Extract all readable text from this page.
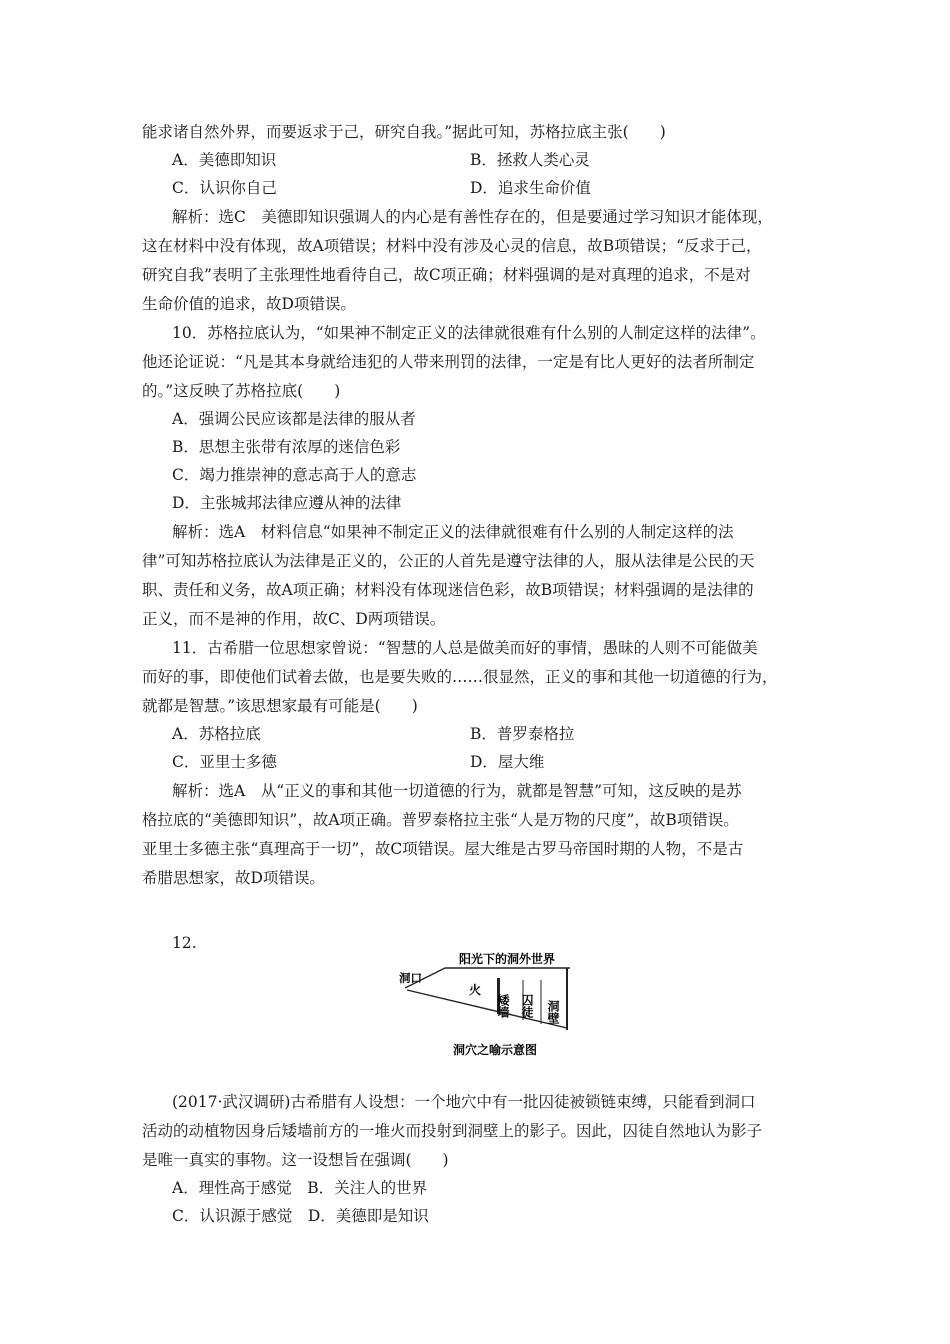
能求诸自然外界，而要返求于己，研究自我。”据此可知，苏格拉底主张(　　)
A．美德即知识	B．拯救人类心灵
C．认识你自己	D．追求生命价值
解析：选C　美德即知识强调人的内心是有善性存在的，但是要通过学习知识才能体现，
这在材料中没有体现，故A项错误；材料中没有涉及心灵的信息，故B项错误；“反求于己，
研究自我”表明了主张理性地看待自己，故C项正确；材料强调的是对真理的追求，不是对
生命价值的追求，故D项错误。
10．苏格拉底认为，“如果神不制定正义的法律就很难有什么别的人制定这样的法律”。
他还论证说：“凡是其本身就给违犯的人带来刑罚的法律，一定是有比人更好的法者所制定
的。”这反映了苏格拉底(　　)
A．强调公民应该都是法律的服从者
B．思想主张带有浓厚的迷信色彩
C．竭力推崇神的意志高于人的意志
D．主张城邦法律应遵从神的法律
解析：选A　材料信息“如果神不制定正义的法律就很难有什么别的人制定这样的法
律”可知苏格拉底认为法律是正义的，公正的人首先是遵守法律的人，服从法律是公民的天
职、责任和义务，故A项正确；材料没有体现迷信色彩，故B项错误；材料强调的是法律的
正义，而不是神的作用，故C、D两项错误。
11．古希腊一位思想家曾说：“智慧的人总是做美而好的事情，愚昧的人则不可能做美
而好的事，即使他们试着去做，也是要失败的……很显然，正义的事和其他一切道德的行为，
就都是智慧。”该思想家最有可能是(　　)
A．苏格拉底	B．普罗泰格拉
C．亚里士多德	D．屋大维
解析：选A　从“正义的事和其他一切道德的行为，就都是智慧”可知，这反映的是苏
格拉底的“美德即知识”，故A项正确。普罗泰格拉主张“人是万物的尺度”，故B项错误。
亚里士多德主张“真理高于一切”，故C项错误。屋大维是古罗马帝国时期的人物，不是古
希腊思想家，故D项错误。
12.
阳光下的洞外世界
洞口
火
矮墙 囚徒 洞壁
洞穴之喻示意图
(2017·武汉调研)古希腊有人设想：一个地穴中有一批囚徒被锁链束缚，只能看到洞口
活动的动植物因身后矮墙前方的一堆火而投射到洞壁上的影子。因此，囚徒自然地认为影子
是唯一真实的事物。这一设想旨在强调(　　)
A．理性高于感觉　B．关注人的世界
C．认识源于感觉　D．美德即是知识
